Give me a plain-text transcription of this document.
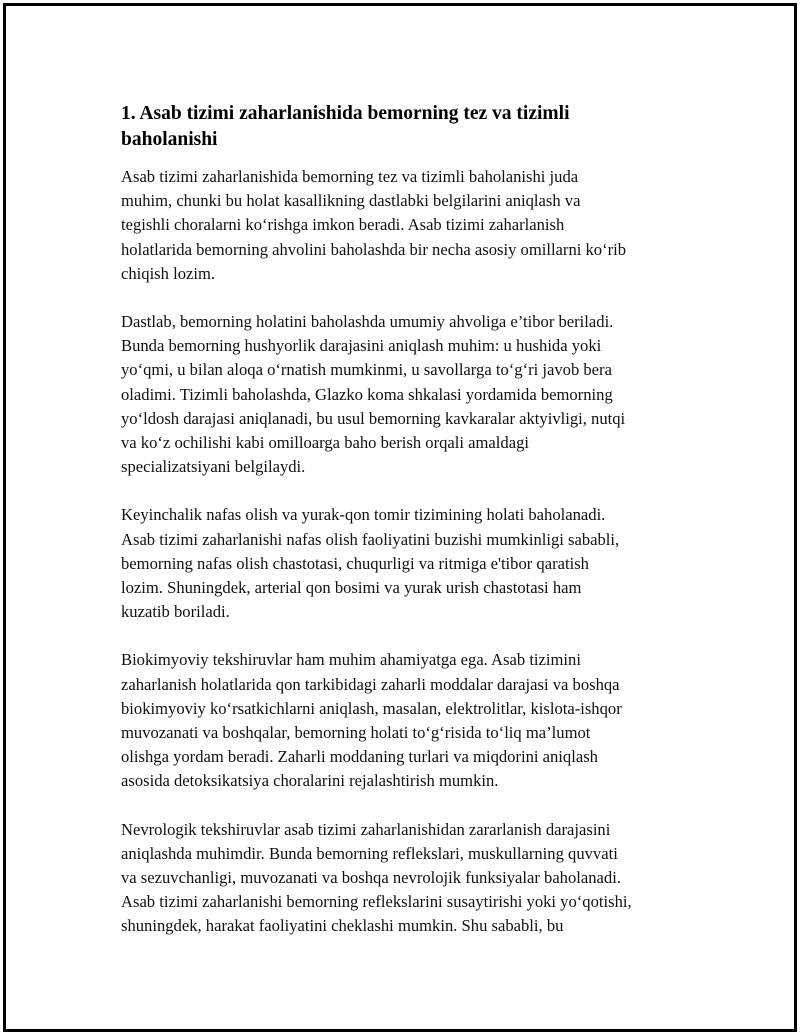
1. Asab tizimi zaharlanishida bemorning tez va tizimli
baholanishi

Asab tizimi zaharlanishida bemorning tez va tizimli baholanishi juda
muhim, chunki bu holat kasallikning dastlabki belgilarini aniqlash va
tegishli choralarni ko‘rishga imkon beradi. Asab tizimi zaharlanish
holatlarida bemorning ahvolini baholashda bir necha asosiy omillarni ko‘rib
chiqish lozim.

Dastlab, bemorning holatini baholashda umumiy ahvoliga e’tibor beriladi.
Bunda bemorning hushyorlik darajasini aniqlash muhim: u hushida yoki
yo‘qmi, u bilan aloqa o‘rnatish mumkinmi, u savollarga to‘g‘ri javob bera
oladimi. Tizimli baholashda, Glazko koma shkalasi yordamida bemorning
yo‘ldosh darajasi aniqlanadi, bu usul bemorning kavkaralar aktyivligi, nutqi
va ko‘z ochilishi kabi omilloarga baho berish orqali amaldagi
specializatsiyani belgilaydi.

Keyinchalik nafas olish va yurak-qon tomir tizimining holati baholanadi.
Asab tizimi zaharlanishi nafas olish faoliyatini buzishi mumkinligi sababli,
bemorning nafas olish chastotasi, chuqurligi va ritmiga e'tibor qaratish
lozim. Shuningdek, arterial qon bosimi va yurak urish chastotasi ham
kuzatib boriladi.

Biokimyoviy tekshiruvlar ham muhim ahamiyatga ega. Asab tizimini
zaharlanish holatlarida qon tarkibidagi zaharli moddalar darajasi va boshqa
biokimyoviy ko‘rsatkichlarni aniqlash, masalan, elektrolitlar, kislota-ishqor
muvozanati va boshqalar, bemorning holati to‘g‘risida to‘liq ma’lumot
olishga yordam beradi. Zaharli moddaning turlari va miqdorini aniqlash
asosida detoksikatsiya choralarini rejalashtirish mumkin.

Nevrologik tekshiruvlar asab tizimi zaharlanishidan zararlanish darajasini
aniqlashda muhimdir. Bunda bemorning reflekslari, muskullarning quvvati
va sezuvchanligi, muvozanati va boshqa nevrolojik funksiyalar baholanadi.
Asab tizimi zaharlanishi bemorning reflekslarini susaytirishi yoki yo‘qotishi,
shuningdek, harakat faoliyatini cheklashi mumkin. Shu sababli, bu
